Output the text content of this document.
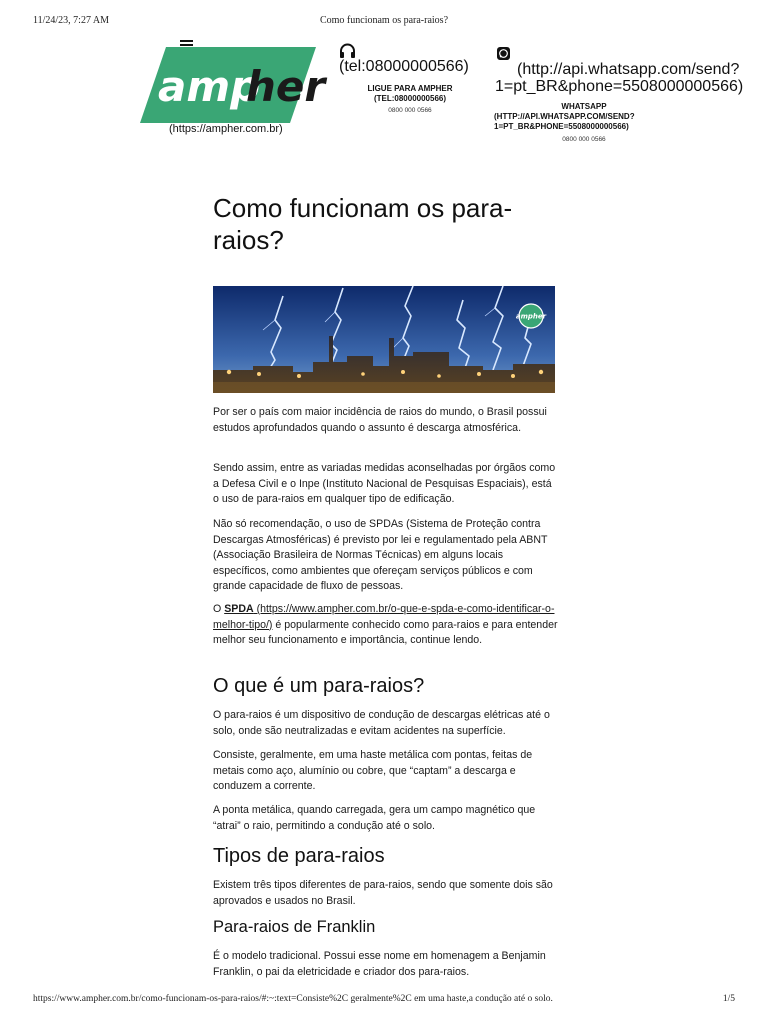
11/24/23, 7:27 AM	Como funcionam os para-raios?
amp
her
(https://ampher.com.br)
(tel:08000000566)
LIGUE PARA AMPHER
(TEL:08000000566)
0800 000 0566
(http://api.whatsapp.com/send?
1=pt_BR&phone=5508000000566)
WHATSAPP
(HTTP://API.WHATSAPP.COM/SEND?
1=PT_BR&PHONE=5508000000566)
0800 000 0566
Como funcionam os para-
raios?
ampher

Por ser o país com maior incidência de raios do mundo, o Brasil possui estudos aprofundados quando o assunto é descarga atmosférica.

Sendo assim, entre as variadas medidas aconselhadas por órgãos como a Defesa Civil e o Inpe (Instituto Nacional de Pesquisas Espaciais), está o uso de para-raios em qualquer tipo de edificação.

Não só recomendação, o uso de SPDAs (Sistema de Proteção contra Descargas Atmosféricas) é previsto por lei e regulamentado pela ABNT (Associação Brasileira de Normas Técnicas) em alguns locais específicos, como ambientes que ofereçam serviços públicos e com grande capacidade de fluxo de pessoas.

O SPDA (https://www.ampher.com.br/o-que-e-spda-e-como-identificar-o-melhor-tipo/) é popularmente conhecido como para-raios e para entender melhor seu funcionamento e importância, continue lendo.

O que é um para-raios?

O para-raios é um dispositivo de condução de descargas elétricas até o solo, onde são neutralizadas e evitam acidentes na superfície.

Consiste, geralmente, em uma haste metálica com pontas, feitas de metais como aço, alumínio ou cobre, que “captam” a descarga e conduzem a corrente.

A ponta metálica, quando carregada, gera um campo magnético que “atrai” o raio, permitindo a condução até o solo.

Tipos de para-raios

Existem três tipos diferentes de para-raios, sendo que somente dois são aprovados e usados no Brasil.

Para-raios de Franklin

É o modelo tradicional. Possui esse nome em homenagem a Benjamin Franklin, o pai da eletricidade e criador dos para-raios.

https://www.ampher.com.br/como-funcionam-os-para-raios/#:~:text=Consiste%2C geralmente%2C em uma haste,a condução até o solo.	1/5
